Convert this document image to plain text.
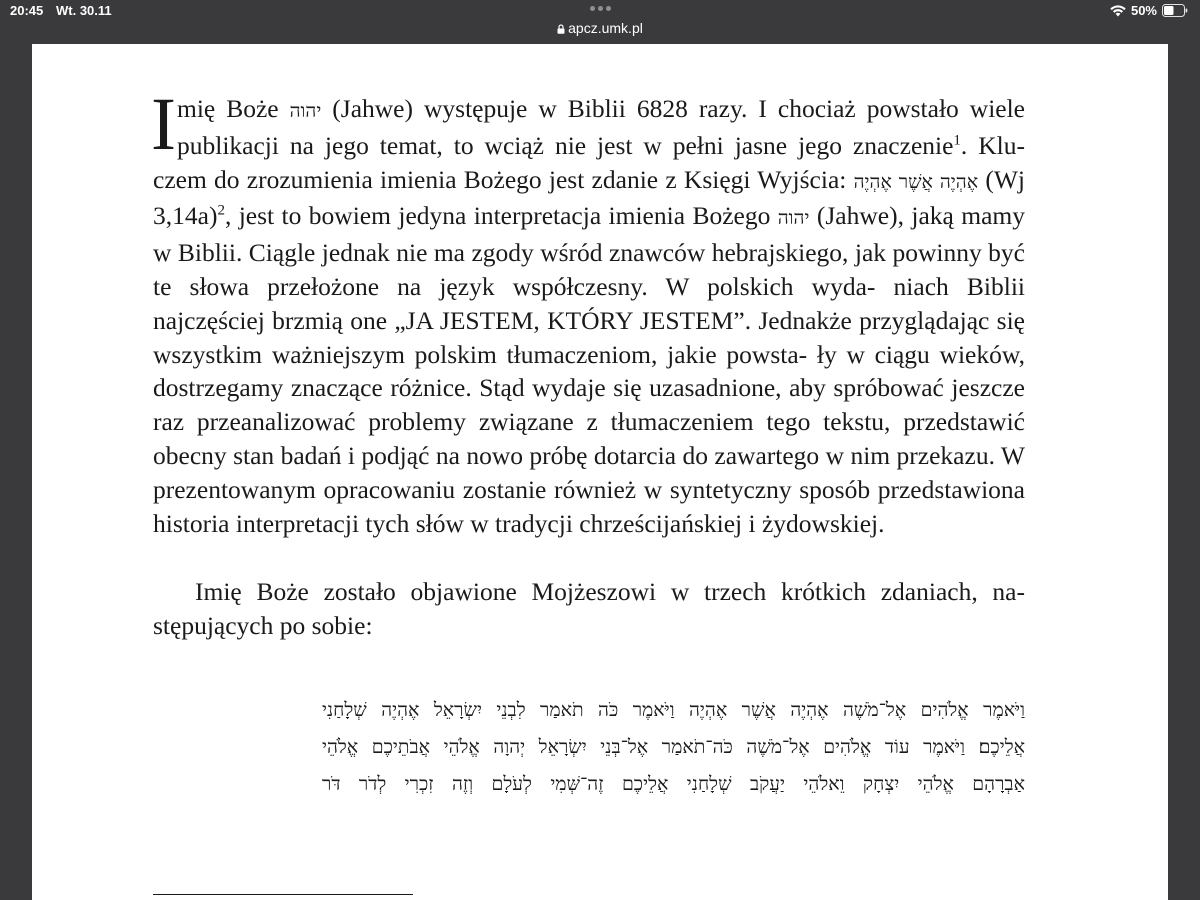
20:45 Wt. 30.11	50%
apcz.umk.pl

Imię Boże יהוה (Jahwe) występuje w Biblii 6828 razy. I chociaż powstało wiele publikacji na jego temat, to wciąż nie jest w pełni jasne jego znaczenie$^1$. Klu- czem do zrozumienia imienia Bożego jest zdanie z Księgi Wyjścia: אֶהְיֶה אֲשֶׁר אֶהְיֶה (Wj 3,14a)$^2$, jest to bowiem jedyna interpretacja imienia Bożego יהוה (Jahwe), jaką mamy w Biblii. Ciągle jednak nie ma zgody wśród znawców hebrajskiego, jak powinny być te słowa przełożone na język współczesny. W polskich wyda- niach Biblii najczęściej brzmią one „JA JESTEM, KTÓRY JESTEM”. Jednakże przyglądając się wszystkim ważniejszym polskim tłumaczeniom, jakie powsta- ły w ciągu wieków, dostrzegamy znaczące różnice. Stąd wydaje się uzasadnione, aby spróbować jeszcze raz przeanalizować problemy związane z tłumaczeniem tego tekstu, przedstawić obecny stan badań i podjąć na nowo próbę dotarcia do zawartego w nim przekazu. W prezentowanym opracowaniu zostanie również w syntetyczny sposób przedstawiona historia interpretacji tych słów w tradycji chrześcijańskiej i żydowskiej.

Imię Boże zostało objawione Mojżeszowi w trzech krótkich zdaniach, na- stępujących po sobie:

וַיֹּאמֶר אֱלֹהִים אֶל־מֹשֶׁה אֶהְיֶה אֲשֶׁר אֶהְיֶה וַיֹּאמֶר כֹּה תֹאמַר לִבְנֵי יִשְׂרָאֵל אֶהְיֶה שְׁלָחַנִי
אֲלֵיכֶם׃ וַיֹּאמֶר עוֹד אֱלֹהִים אֶל־מֹשֶׁה כֹּה־תֹאמַר אֶל־בְּנֵי יִשְׂרָאֵל יְהוָה אֱלֹהֵי אֲבֹתֵיכֶם אֱלֹהֵי
אַבְרָהָם אֱלֹהֵי יִצְחָק וֵאלֹהֵי יַעֲקֹב שְׁלָחַנִי אֲלֵיכֶם זֶה־שְּׁמִי לְעֹלָם וְזֶה זִכְרִי לְדֹר דֹּר
